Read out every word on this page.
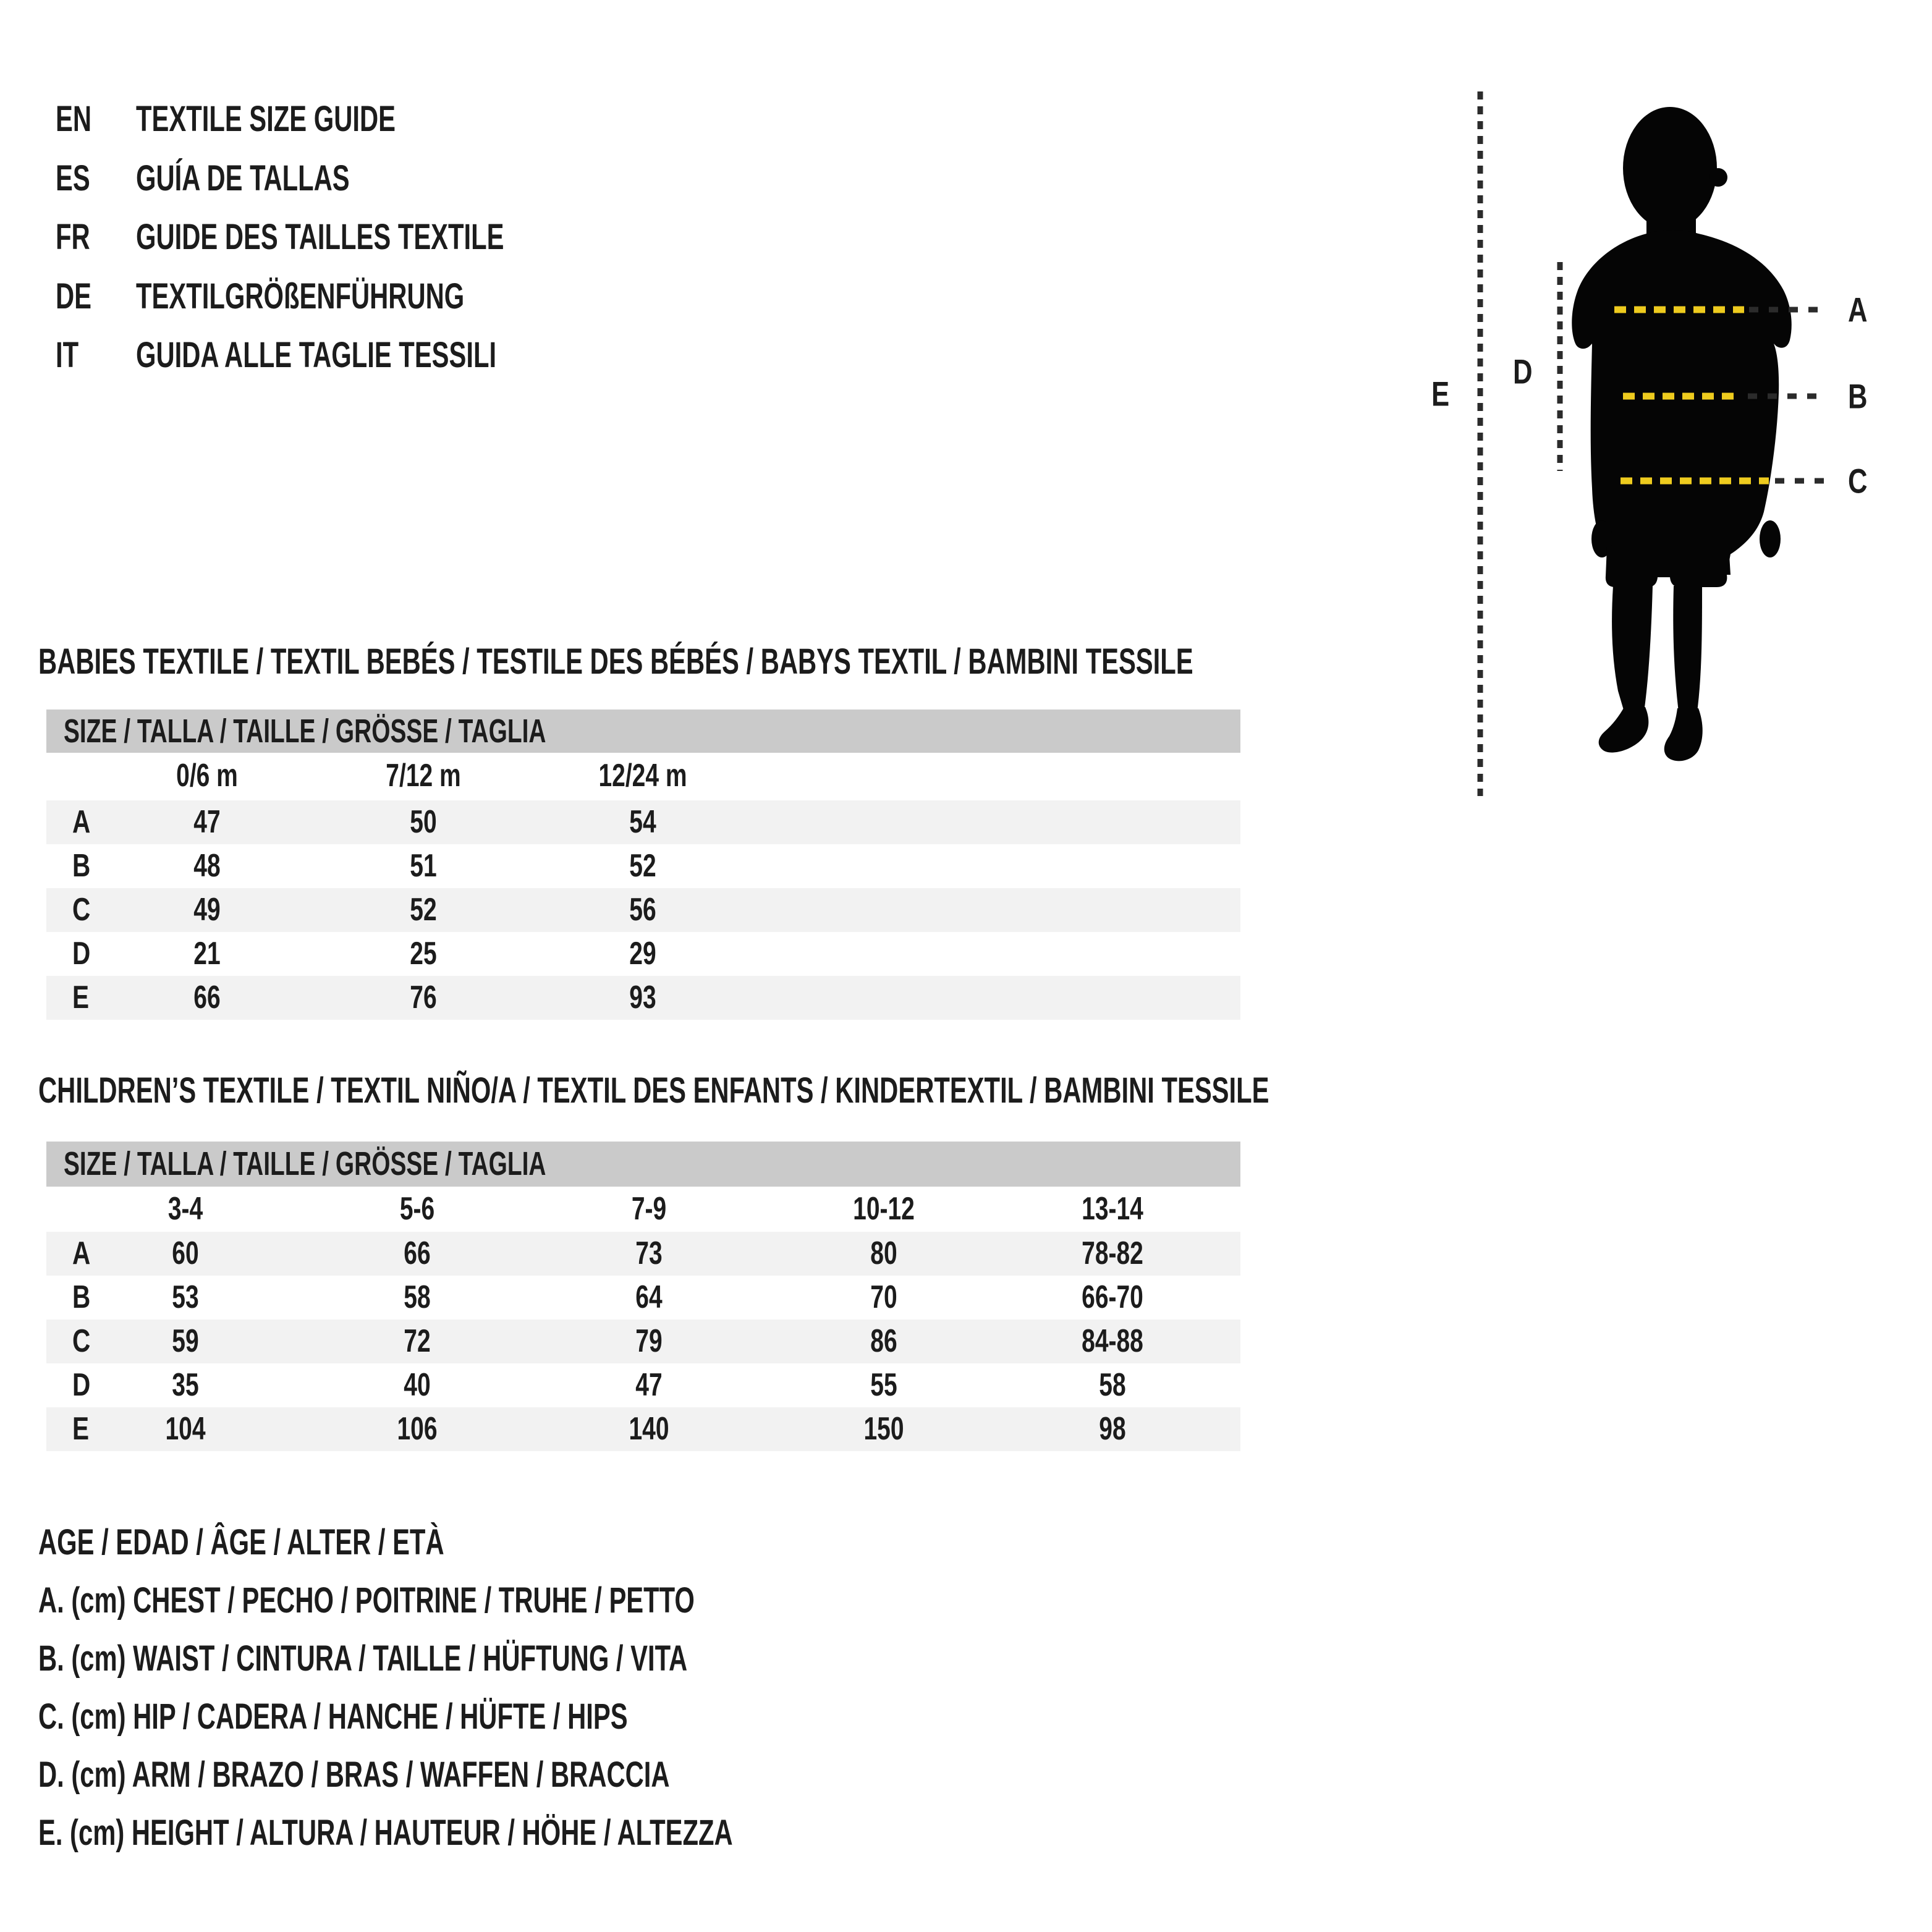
EN	TEXTILE SIZE GUIDE
ES	GUÍA DE TALLAS
FR	GUIDE DES TAILLES TEXTILE
DE	TEXTILGRÖßENFÜHRUNG
IT GUIDA ALLE TAGLIE TESSILI
A
B
C
D
E
BABIES TEXTILE / TEXTIL BEBÉS / TESTILE DES BÉBÉS / BABYS TEXTIL / BAMBINI TESSILE
SIZE / TALLA / TAILLE / GRÖSSE / TAGLIA
0/6 m	7/12 m	12/24 m
A	47	50	54
B	48	51	52
C	49	52	56
D	21	25	29
E	66	76	93
CHILDREN’S TEXTILE / TEXTIL NIÑO/A / TEXTIL DES ENFANTS / KINDERTEXTIL / BAMBINI TESSILE
SIZE / TALLA / TAILLE / GRÖSSE / TAGLIA
3-4	5-6	7-9	10-12	13-14
A	60	66	73	80	78-82
B	53	58	64	70	66-70
C	59	72	79	86	84-88
D	35	40	47	55	58
E 104	106	140	150	98
AGE / EDAD / ÂGE / ALTER / ETÀ
A. (cm) CHEST / PECHO / POITRINE / TRUHE / PETTO
B. (cm) WAIST / CINTURA / TAILLE / HÜFTUNG / VITA
C. (cm) HIP / CADERA / HANCHE / HÜFTE / HIPS
D. (cm) ARM / BRAZO / BRAS / WAFFEN / BRACCIA
E. (cm) HEIGHT / ALTURA / HAUTEUR / HÖHE / ALTEZZA
